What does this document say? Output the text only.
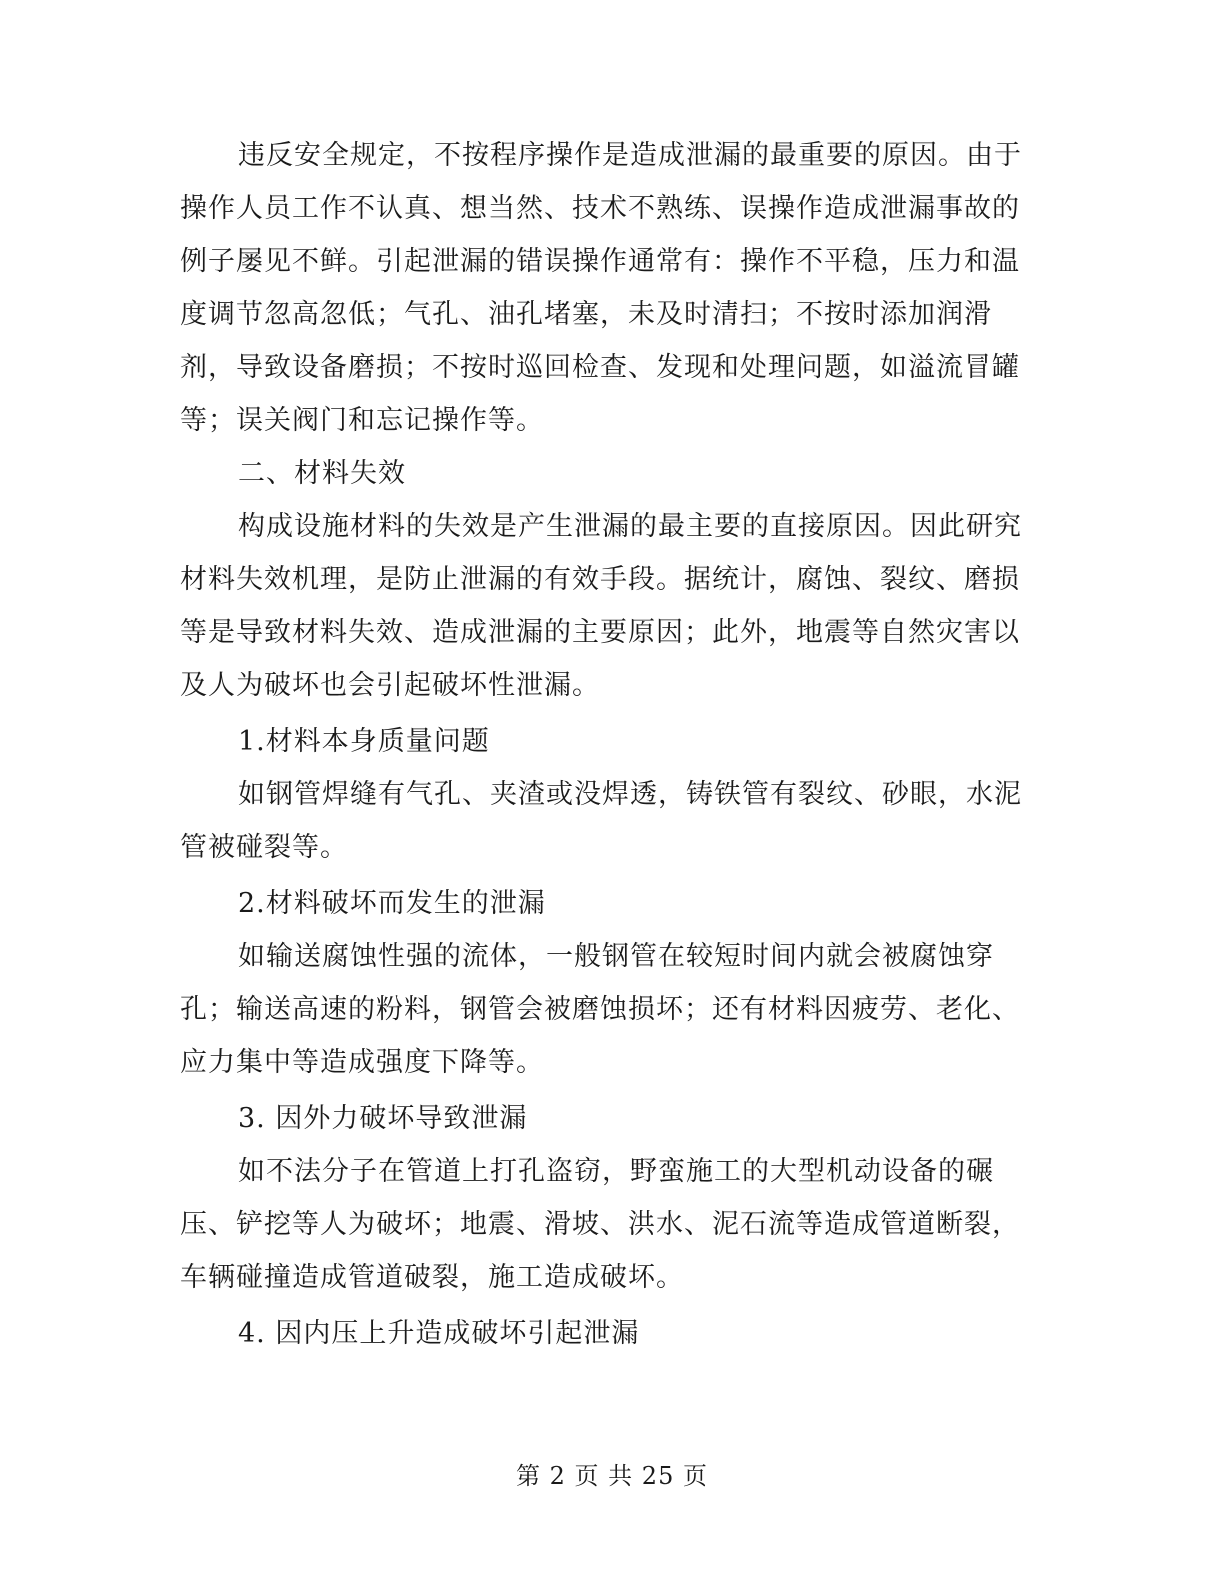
违反安全规定，不按程序操作是造成泄漏的最重要的原因。由于
操作人员工作不认真、想当然、技术不熟练、误操作造成泄漏事故的
例子屡见不鲜。引起泄漏的错误操作通常有：操作不平稳，压力和温
度调节忽高忽低；气孔、油孔堵塞，未及时清扫；不按时添加润滑
剂，导致设备磨损；不按时巡回检查、发现和处理问题，如溢流冒罐
等；误关阀门和忘记操作等。
二、材料失效
构成设施材料的失效是产生泄漏的最主要的直接原因。因此研究
材料失效机理，是防止泄漏的有效手段。据统计，腐蚀、裂纹、磨损
等是导致材料失效、造成泄漏的主要原因；此外，地震等自然灾害以
及人为破坏也会引起破坏性泄漏。
1.材料本身质量问题
如钢管焊缝有气孔、夹渣或没焊透，铸铁管有裂纹、砂眼，水泥
管被碰裂等。
2.材料破坏而发生的泄漏
如输送腐蚀性强的流体，一般钢管在较短时间内就会被腐蚀穿
孔；输送高速的粉料，钢管会被磨蚀损坏；还有材料因疲劳、老化、
应力集中等造成强度下降等。
3. 因外力破坏导致泄漏
如不法分子在管道上打孔盗窃，野蛮施工的大型机动设备的碾
压、铲挖等人为破坏；地震、滑坡、洪水、泥石流等造成管道断裂，
车辆碰撞造成管道破裂，施工造成破坏。
4. 因内压上升造成破坏引起泄漏
第 2 页 共 25 页
